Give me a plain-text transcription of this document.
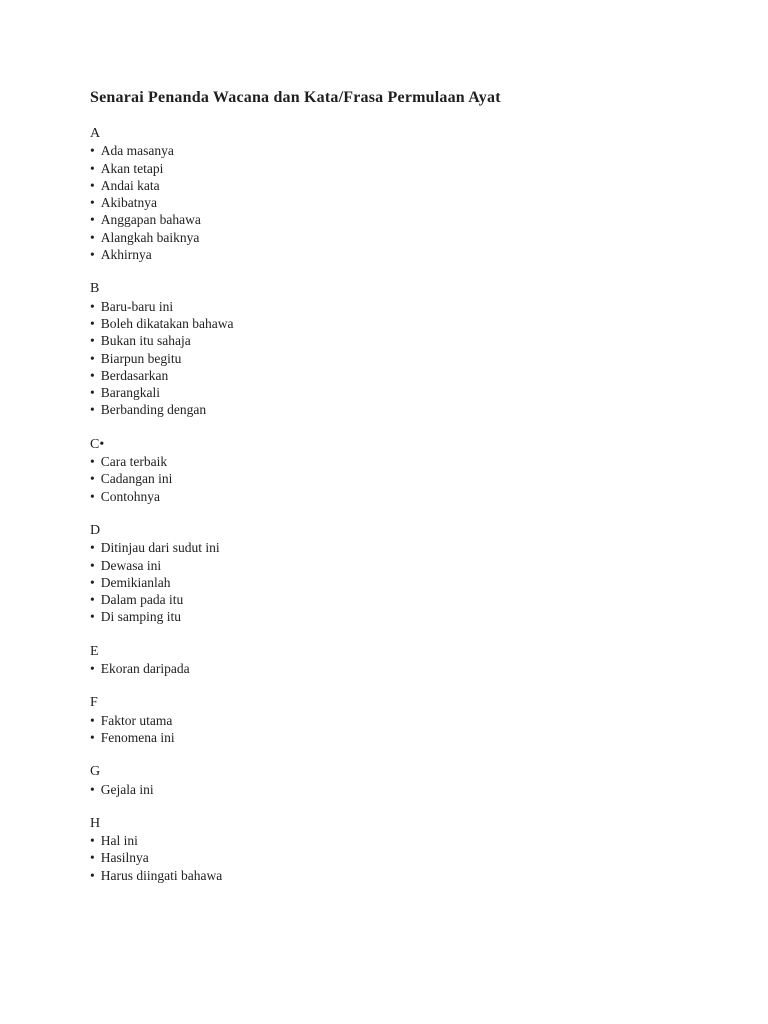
Senarai Penanda Wacana dan Kata/Frasa Permulaan Ayat
A
• Ada masanya
• Akan tetapi
• Andai kata
• Akibatnya
• Anggapan bahawa
• Alangkah baiknya
• Akhirnya
B
• Baru-baru ini
• Boleh dikatakan bahawa
• Bukan itu sahaja
• Biarpun begitu
• Berdasarkan
• Barangkali
• Berbanding dengan
C•
• Cara terbaik
• Cadangan ini
• Contohnya
D
• Ditinjau dari sudut ini
• Dewasa ini
• Demikianlah
• Dalam pada itu
• Di samping itu
E
• Ekoran daripada
F
• Faktor utama
• Fenomena ini
G
• Gejala ini
H
• Hal ini
• Hasilnya
• Harus diingati bahawa
